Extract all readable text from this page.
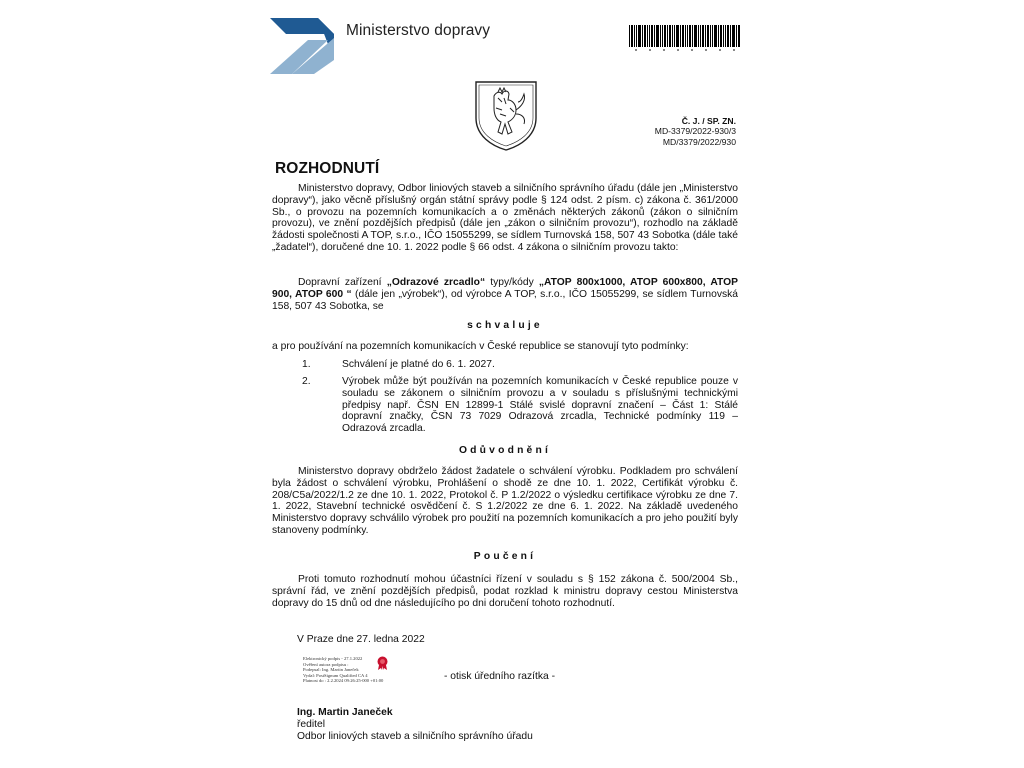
Ministerstvo dopravy
Č. J. / SP. ZN.
MD-3379/2022-930/3
MD/3379/2022/930
ROZHODNUTÍ
Ministerstvo dopravy, Odbor liniových staveb a silničního správního úřadu (dále jen „Ministerstvo dopravy“), jako věcně příslušný orgán státní správy podle § 124 odst. 2 písm. c) zákona č. 361/2000 Sb., o provozu na pozemních komunikacích a o změnách některých zákonů (zákon o silničním provozu), ve znění pozdějších předpisů (dále jen „zákon o silničním provozu“), rozhodlo na základě žádosti společnosti A TOP, s.r.o., IČO 15055299, se sídlem Turnovská 158, 507 43 Sobotka (dále také „žadatel“), doručené dne 10. 1. 2022 podle § 66 odst. 4 zákona o silničním provozu takto:
Dopravní zařízení „Odrazové zrcadlo“ typy/kódy „ATOP 800x1000, ATOP 600x800, ATOP 900, ATOP 600 “ (dále jen „výrobek“), od výrobce A TOP, s.r.o., IČO 15055299, se sídlem Turnovská 158, 507 43 Sobotka, se
schvaluje
a pro používání na pozemních komunikacích v České republice se stanovují tyto podmínky:
1.	Schválení je platné do 6. 1. 2027.
2.	Výrobek může být používán na pozemních komunikacích v České republice pouze v souladu se zákonem o silničním provozu a v souladu s příslušnými technickými předpisy např. ČSN EN 12899-1 Stálé svislé dopravní značení – Část 1: Stálé dopravní značky, ČSN 73 7029 Odrazová zrcadla, Technické podmínky 119 – Odrazová zrcadla.
Odůvodnění
Ministerstvo dopravy obdrželo žádost žadatele o schválení výrobku. Podkladem pro schválení byla žádost o schválení výrobku, Prohlášení o shodě ze dne 10. 1. 2022, Certifikát výrobku č. 208/C5a/2022/1.2 ze dne 10. 1. 2022, Protokol č. P 1.2/2022 o výsledku certifikace výrobku ze dne 7. 1. 2022, Stavební technické osvědčení č. S 1.2/2022 ze dne 6. 1. 2022. Na základě uvedeného Ministerstvo dopravy schválilo výrobek pro použití na pozemních komunikacích a pro jeho použití byly stanoveny podmínky.
Poučení
Proti tomuto rozhodnutí mohou účastníci řízení v souladu s § 152 zákona č. 500/2004 Sb., správní řád, ve znění pozdějších předpisů, podat rozklad k ministru dopravy cestou Ministerstva dopravy do 15 dnů od dne následujícího po dni doručení tohoto rozhodnutí.
V Praze dne 27. ledna 2022
Elektronický podpis - 27.1.2022
Ověření autora podpisu :
Podepsal: Ing. Martin Janeček
Vydal: PostSignum Qualified CA 4
Platnost do : 2.2.2024 09:26:25-000 +01:00	- otisk úředního razítka -
Ing. Martin Janeček
ředitel
Odbor liniových staveb a silničního správního úřadu
